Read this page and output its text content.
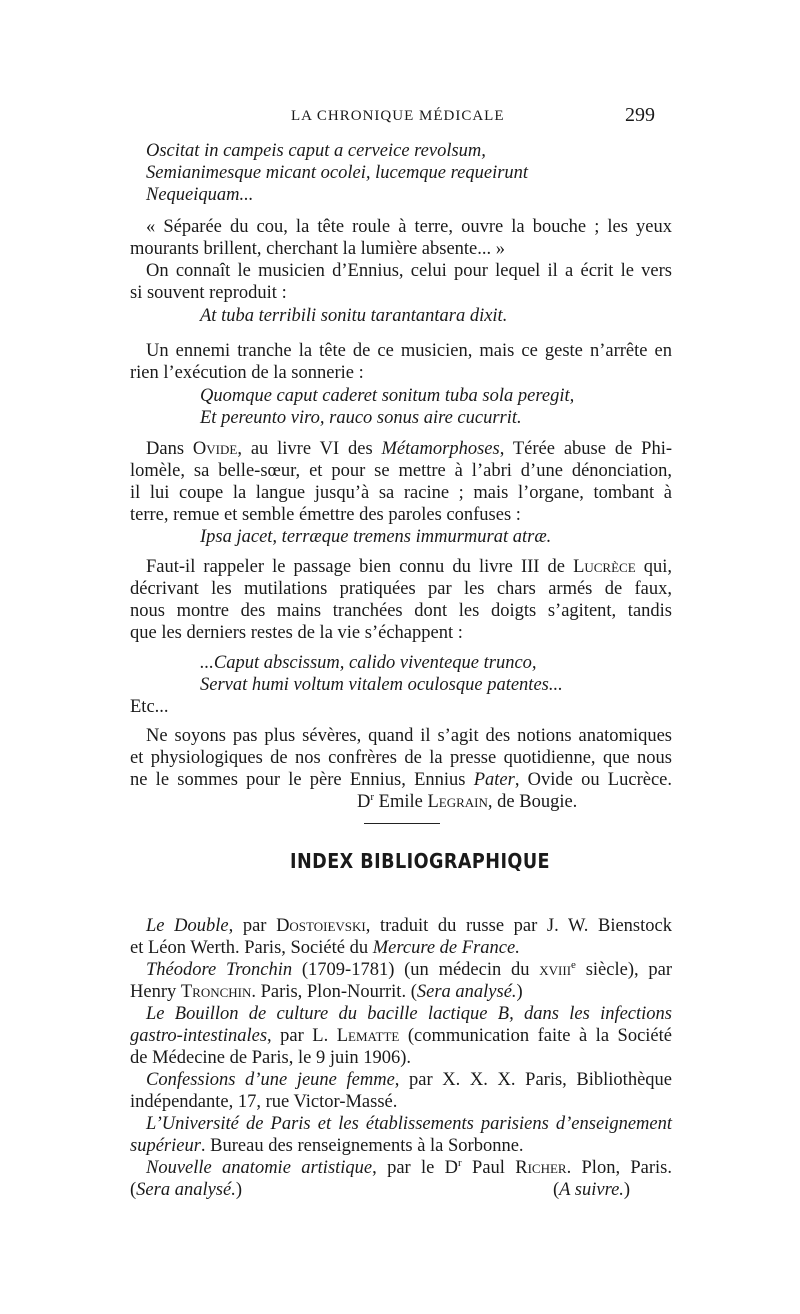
LA CHRONIQUE MÉDICALE	299
Oscitat in campeis caput a cerveice revolsum,
Semianimesque micant ocolei, lucemque requeirunt
Nequeiquam...
« Séparée du cou, la tête roule à terre, ouvre la bouche ; les yeux
mourants brillent, cherchant la lumière absente... »
On connaît le musicien d’Ennius, celui pour lequel il a écrit le vers
si souvent reproduit :
At tuba terribili sonitu tarantantara dixit.
Un ennemi tranche la tête de ce musicien, mais ce geste n’arrête en
rien l’exécution de la sonnerie :
Quomque caput caderet sonitum tuba sola peregit,
Et pereunto viro, rauco sonus aire cucurrit.
Dans Ovide, au livre VI des Métamorphoses, Térée abuse de Phi-
lomèle, sa belle-sœur, et pour se mettre à l’abri d’une dénonciation,
il lui coupe la langue jusqu’à sa racine ; mais l’organe, tombant à
terre, remue et semble émettre des paroles confuses :
Ipsa jacet, terræque tremens immurmurat atræ.
Faut-il rappeler le passage bien connu du livre III de Lucrèce qui,
décrivant les mutilations pratiquées par les chars armés de faux,
nous montre des mains tranchées dont les doigts s’agitent, tandis
que les derniers restes de la vie s’échappent :
...Caput abscissum, calido viventeque trunco,
Servat humi voltum vitalem oculosque patentes...
Etc...
Ne soyons pas plus sévères, quand il s’agit des notions anatomiques
et physiologiques de nos confrères de la presse quotidienne, que nous
ne le sommes pour le père Ennius, Ennius Pater, Ovide ou Lucrèce.
$D^r$ Emile Legrain, de Bougie.
Le Double, par Dostoievski, traduit du russe par J. W. Bienstock
et Léon Werth. Paris, Société du Mercure de France.
Théodore Tronchin (1709-1781) (un médecin du xviii$^e$ siècle), par
Henry Tronchin. Paris, Plon-Nourrit. (Sera analysé.)
Le Bouillon de culture du bacille lactique B, dans les infections
gastro-intestinales, par L. Lematte (communication faite à la Société
de Médecine de Paris, le 9 juin 1906).
Confessions d’une jeune femme, par X. X. X. Paris, Bibliothèque
indépendante, 17, rue Victor-Massé.
L’Université de Paris et les établissements parisiens d’enseignement
supérieur. Bureau des renseignements à la Sorbonne.
Nouvelle anatomie artistique, par le $D^r$ Paul Richer. Plon, Paris.
(Sera analysé.)	(A suivre.)
INDEX BIBLIOGRAPHIQUE
